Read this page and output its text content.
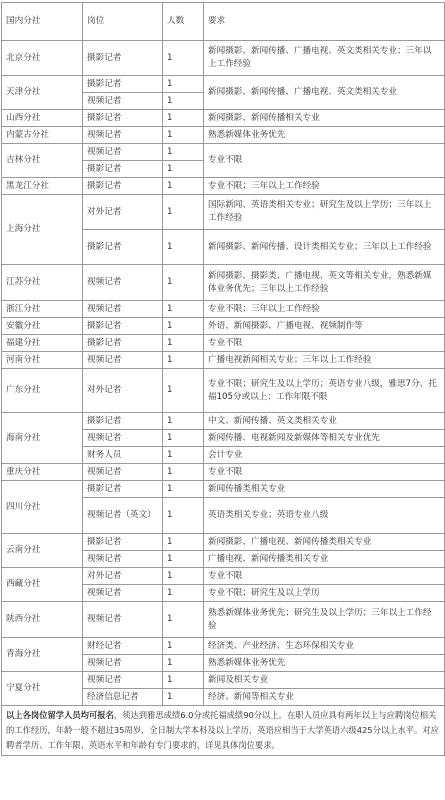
国内分社	岗位	人数	要求
北京分社	摄影记者	1	新闻摄影、新闻传播、广播电视、英文类相关专业；三年以上工作经验
天津分社	摄影记者	1	新闻摄影、新闻传播、广播电视、英文类相关专业
	视频记者	1	
山西分社	摄影记者	1	新闻摄影、新闻传播相关专业
内蒙古分社	视频记者	1	熟悉新媒体业务优先
吉林分社	视频记者	1	专业不限
	摄影记者	1	
黑龙江分社	摄影记者	1	专业不限；三年以上工作经验
上海分社	对外记者	1	国际新闻、英语类相关专业；研究生及以上学历；三年以上工作经验
	摄影记者	1	新闻摄影、新闻传播、设计类相关专业；三年以上工作经验
江苏分社	视频记者	1	新闻摄影、摄影类、广播电视、英文等相关专业，熟悉新媒体业务优先；三年以上工作经验
浙江分社	视频记者	1	专业不限；三年以上工作经验
安徽分社	摄影记者	1	外语、新闻摄影、广播电视、视频制作等
福建分社	摄影记者	1	专业不限
河南分社	视频记者	1	广播电视新闻相关专业；三年以上工作经验
广东分社	对外记者	1	专业不限；研究生及以上学历；英语专业八级，雅思7分、托福105分或以上；工作年限不限
海南分社	摄影记者	1	中文、新闻传播、英文类相关专业
	视频记者	1	新闻传播、电视新闻及新媒体等相关专业优先
	财务人员	1	会计专业
重庆分社	视频记者	1	专业不限
四川分社	摄影记者	1	新闻传播类相关专业
	视频记者（英文）	1	英语类相关专业；英语专业八级
云南分社	摄影记者	1	新闻摄影、广播电视、新闻传播类相关专业
	视频记者	1	广播电视、新闻传播类相关专业
西藏分社	对外记者	1	专业不限
	视频记者	1	专业不限；研究生及以上学历
陕西分社	视频记者	1	熟悉新媒体业务优先；研究生及以上学历；三年以上工作经验
青海分社	财经记者	1	经济类、产业经济、生态环保相关专业
	视频记者	1	熟悉新媒体业务优先
宁夏分社	视频记者	1	新闻及相关专业
	经济信息记者	1	经济、新闻等相关专业
以上各岗位留学人员均可报名，须达到雅思成绩6.0分或托福成绩90分以上。在职人员应具有两年以上与应聘岗位相关的工作经历，年龄一般不超过35周岁，全日制大学本科及以上学历，英语应相当于大学英语六级425分以上水平。对应聘者学历、工作年限、英语水平和年龄有专门要求的，详见具体岗位要求。			
